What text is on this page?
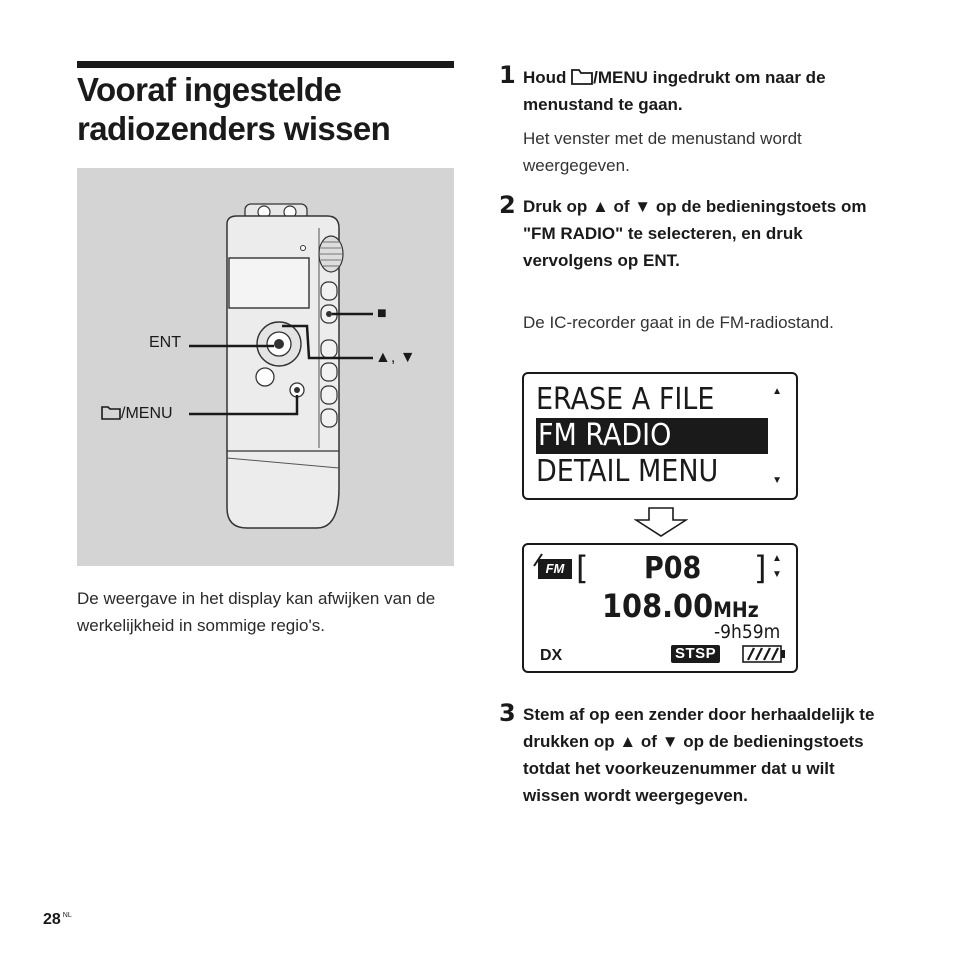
Vooraf ingestelde
radiozenders wissen
ENT
/MENU
■
▲, ▼

De weergave in het display kan afwijken van de werkelijkheid in sommige regio's.

1 Houd /MENU ingedrukt om naar de menustand te gaan.

Het venster met de menustand wordt weergegeven.

2 Druk op ▲ of ▼ op de bedieningstoets om "FM RADIO" te selecteren, en druk vervolgens op ENT.

De IC-recorder gaat in de FM-radiostand.

ERASE A FILE
FM RADIO
DETAIL MENU
▲
▼
FM [ P08 ] ▲
▼
108.00MHz
-9h59m
DX	STSP
3 Stem af op een zender door herhaaldelijk te drukken op ▲ of ▼ op de bedieningstoets totdat het voorkeuzenummer dat u wilt wissen wordt weergegeven.

28 $^{NL}$
